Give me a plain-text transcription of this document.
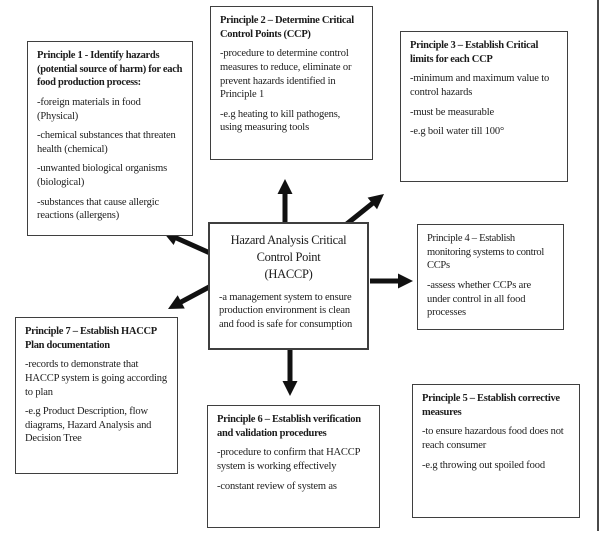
Principle 1 - Identify hazards (potential source of harm) for each food production process:

-foreign materials in food (Physical)

-chemical substances that threaten health (chemical)

-unwanted biological organisms (biological)

-substances that cause allergic reactions (allergens)

Principle 2 – Determine Critical Control Points (CCP)

-procedure to determine control measures to reduce, eliminate or prevent hazards identified in Principle 1

-e.g heating to kill pathogens, using measuring tools

Principle 3 – Establish Critical limits for each CCP

-minimum and maximum value to control hazards

-must be measurable

-e.g boil water till 100°

Principle 4 – Establish monitoring systems to control CCPs

-assess whether CCPs are under control in all food processes

Principle 5 – Establish corrective measures

-to ensure hazardous food does not reach consumer

-e.g throwing out spoiled food

Principle 6 – Establish verification and validation procedures

-procedure to confirm that HACCP system is working effectively

-constant review of system as

Principle 7 – Establish HACCP Plan documentation

-records to demonstrate that HACCP system is going according to plan

-e.g Product Description, flow diagrams, Hazard Analysis and Decision Tree

Hazard Analysis Critical
Control Point
(HACCP)

-a management system to ensure production environment is clean and food is safe for consumption
